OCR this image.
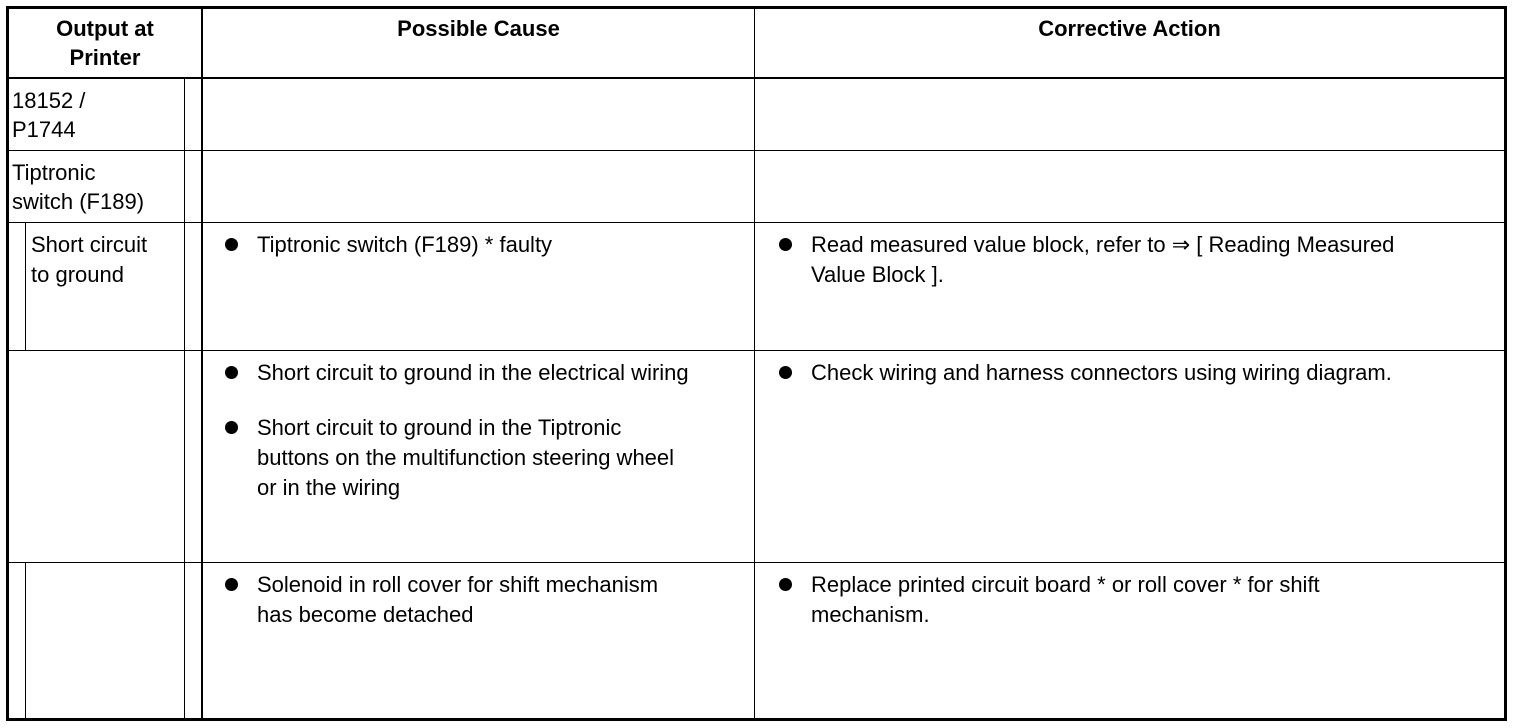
Output at
Printer
Possible Cause	Corrective Action
18152 /
P1744
Tiptronic
switch (F189)
Short circuit
to ground
Tiptronic switch (F189) * faulty	Read measured value block, refer to ⇒ [ Reading Measured
Value Block ].
Short circuit to ground in the electrical wiring
Short circuit to ground in the Tiptronic
buttons on the multifunction steering wheel
or in the wiring
Check wiring and harness connectors using wiring diagram.
Solenoid in roll cover for shift mechanism
has become detached
Replace printed circuit board * or roll cover * for shift
mechanism.
